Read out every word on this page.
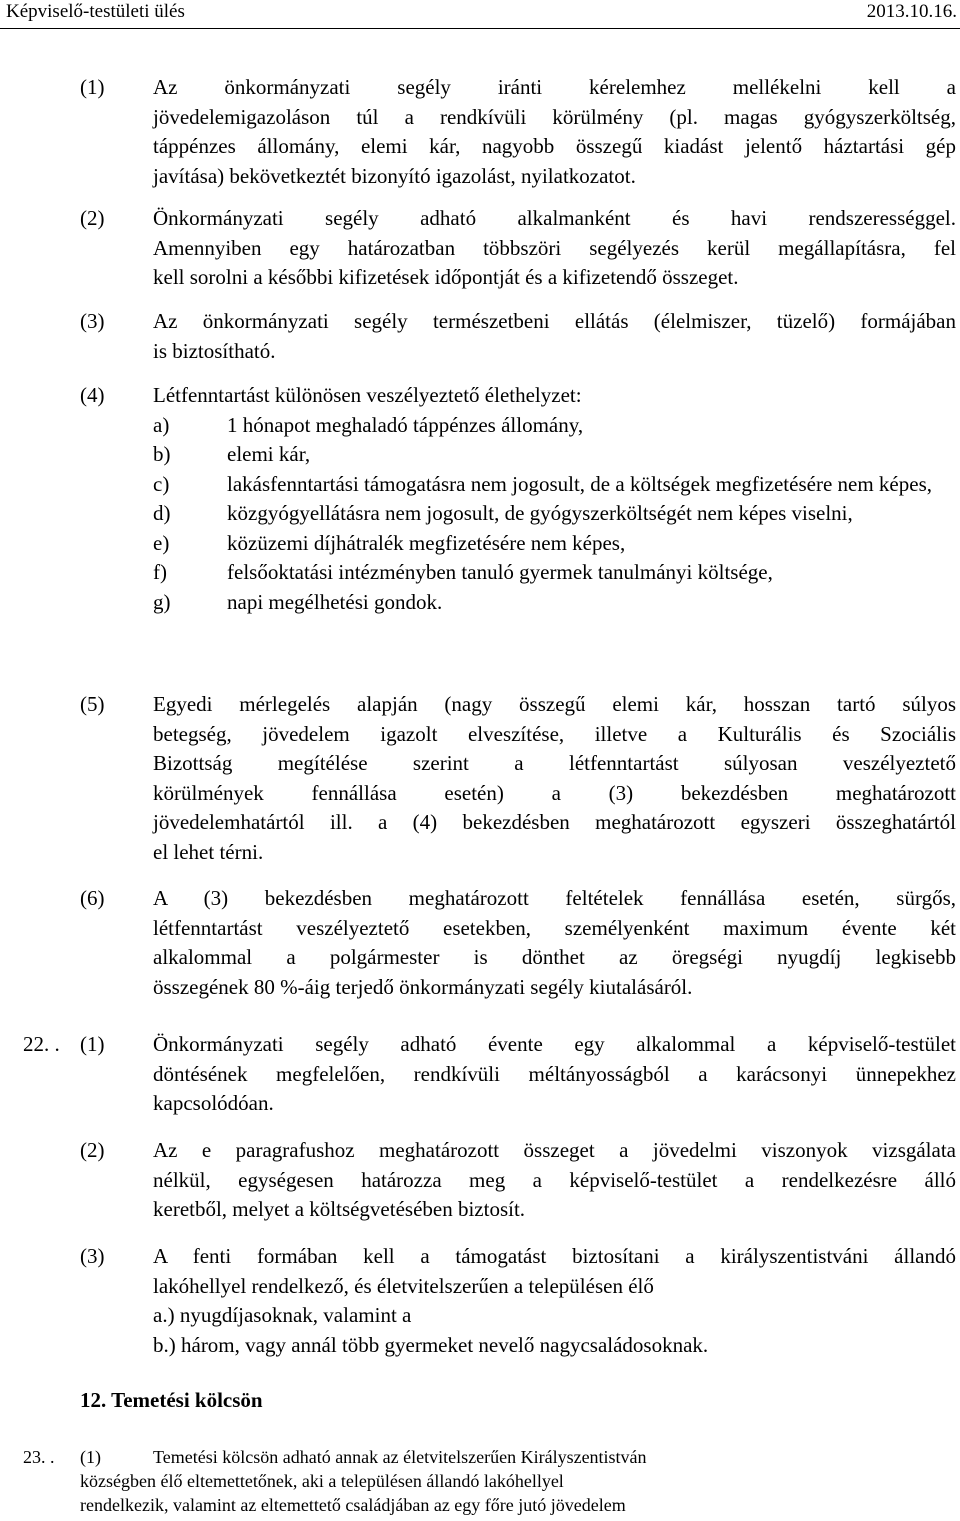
Képviselő-testületi ülés	2013.10.16.
(1) Az önkormányzati segély iránti kérelemhez mellékelni kell a
jövedelemigazoláson túl a rendkívüli körülmény (pl. magas gyógyszerköltség,
táppénzes állomány, elemi kár, nagyobb összegű kiadást jelentő háztartási gép
javítása) bekövetkeztét bizonyító igazolást, nyilatkozatot.
(2) Önkormányzati segély adható alkalmanként és havi rendszerességgel.
Amennyiben egy határozatban többszöri segélyezés kerül megállapításra, fel
kell sorolni a későbbi kifizetések időpontját és a kifizetendő összeget.
(3) Az önkormányzati segély természetbeni ellátás (élelmiszer, tüzelő) formájában
is biztosítható.
(4) Létfenntartást különösen veszélyeztető élethelyzet:
a)	1 hónapot meghaladó táppénzes állomány,
b)	elemi kár,
c)	lakásfenntartási támogatásra nem jogosult, de a költségek megfizetésére nem képes,
d)	közgyógyellátásra nem jogosult, de gyógyszerköltségét nem képes viselni,
e)	közüzemi díjhátralék megfizetésére nem képes,
f)	felsőoktatási intézményben tanuló gyermek tanulmányi költsége,
g)	napi megélhetési gondok.
(5) Egyedi mérlegelés alapján (nagy összegű elemi kár, hosszan tartó súlyos
betegség, jövedelem igazolt elveszítése, illetve a Kulturális és Szociális
Bizottság megítélése szerint a létfenntartást súlyosan veszélyeztető
körülmények fennállása esetén) a (3) bekezdésben meghatározott
jövedelemhatártól ill. a (4) bekezdésben meghatározott egyszeri összeghatártól
el lehet térni.
(6) A (3) bekezdésben meghatározott feltételek fennállása esetén, sürgős,
létfenntartást veszélyeztető esetekben, személyenként maximum évente két
alkalommal a polgármester is dönthet az öregségi nyugdíj legkisebb
összegének 80 %-áig terjedő önkormányzati segély kiutalásáról.
22. . (1) Önkormányzati segély adható évente egy alkalommal a képviselő-testület
döntésének megfelelően, rendkívüli méltányosságból a karácsonyi ünnepekhez
kapcsolódóan.
(2) Az e paragrafushoz meghatározott összeget a jövedelmi viszonyok vizsgálata
nélkül, egységesen határozza meg a képviselő-testület a rendelkezésre álló
keretből, melyet a költségvetésében biztosít.
(3) A fenti formában kell a támogatást biztosítani a királyszentistváni állandó
lakóhellyel rendelkező, és életvitelszerűen a településen élő
a.) nyugdíjasoknak, valamint a
b.) három, vagy annál több gyermeket nevelő nagycsaládosoknak.
12. Temetési kölcsön
23. . (1)	Temetési kölcsön adható annak az életvitelszerűen Királyszentistván
községben élő eltemettetőnek, aki a településen állandó lakóhellyel
rendelkezik, valamint az eltemettető családjában az egy főre jutó jövedelem
